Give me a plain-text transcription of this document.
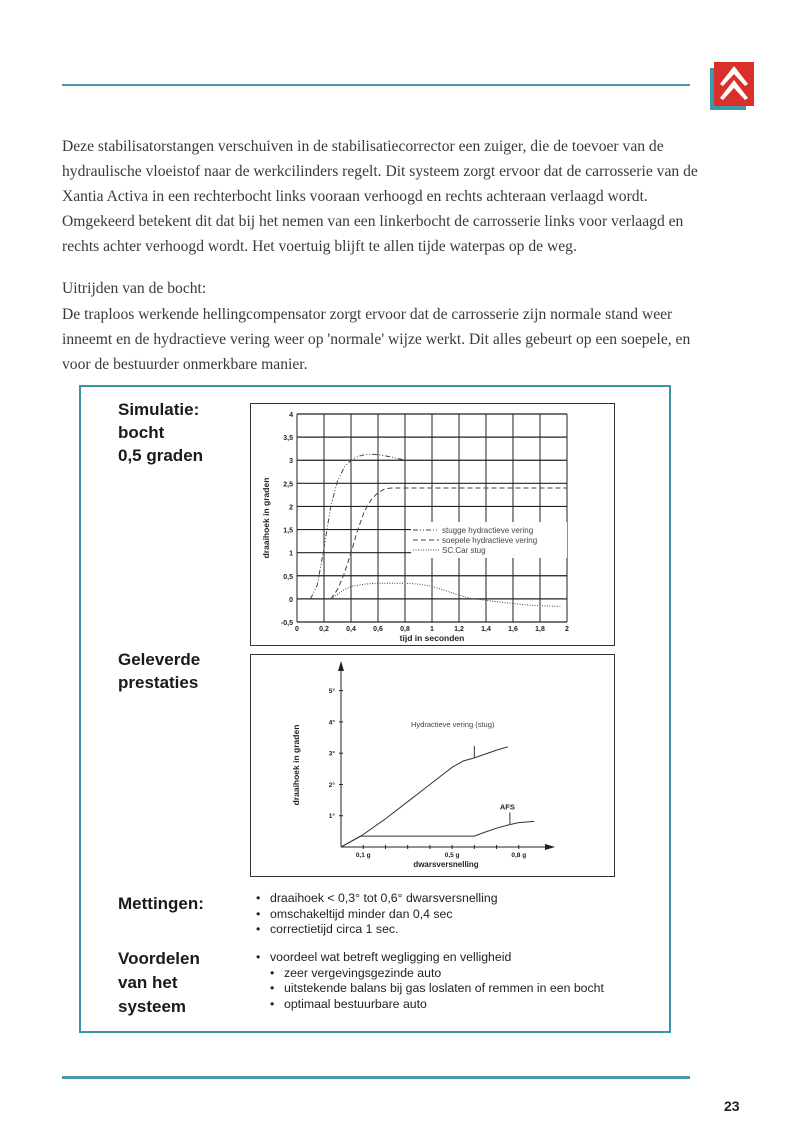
Deze stabilisatorstangen verschuiven in de stabilisatiecorrector een zuiger, die de toevoer van de hydraulische vloeistof naar de werkcilinders regelt. Dit systeem zorgt ervoor dat de carrosserie van de Xantia Activa in een rechterbocht links vooraan verhoogd en rechts achteraan verlaagd wordt. Omgekeerd betekent dit dat bij het nemen van een linkerbocht de carrosserie links voor verlaagd en rechts achter verhoogd wordt. Het voertuig blijft te allen tijde waterpas op de weg.
Uitrijden van de bocht:
De traploos werkende hellingcompensator zorgt ervoor dat de carrosserie zijn normale stand weer inneemt en de hydractieve vering weer op 'normale' wijze werkt. Dit alles gebeurt op een soepele, en voor de bestuurder onmerkbare manier.
Simulatie:
bocht
0,5 graden
Geleverde
prestaties
Mettingen:
Voordelen
van het
systeem
-0,5
0
0,5
1
1,5
2
2,5
3
3,5
4
0	0,2 0,4 0,6 0,8	1	1,2 1,4 1,6 1,8	2
tijd in seconden
draaihoek in graden	stugge hydractieve vering
soepele hydractieve vering
SC.Car stug
1°
2°
3°
4°
5°
0,1 g	0,5 g	0,8 g
dwarsversnelling
draaihoek in graden
Hydractieve vering (stug)
AFS
• draaihoek < 0,3° tot 0,6° dwarsversnelling
• omschakeltijd minder dan 0,4 sec
• correctietijd circa 1 sec.
• voordeel wat betreft wegligging en velligheid
• zeer vergevingsgezinde auto
• uitstekende balans bij gas loslaten of remmen in een bocht
• optimaal bestuurbare auto
23
